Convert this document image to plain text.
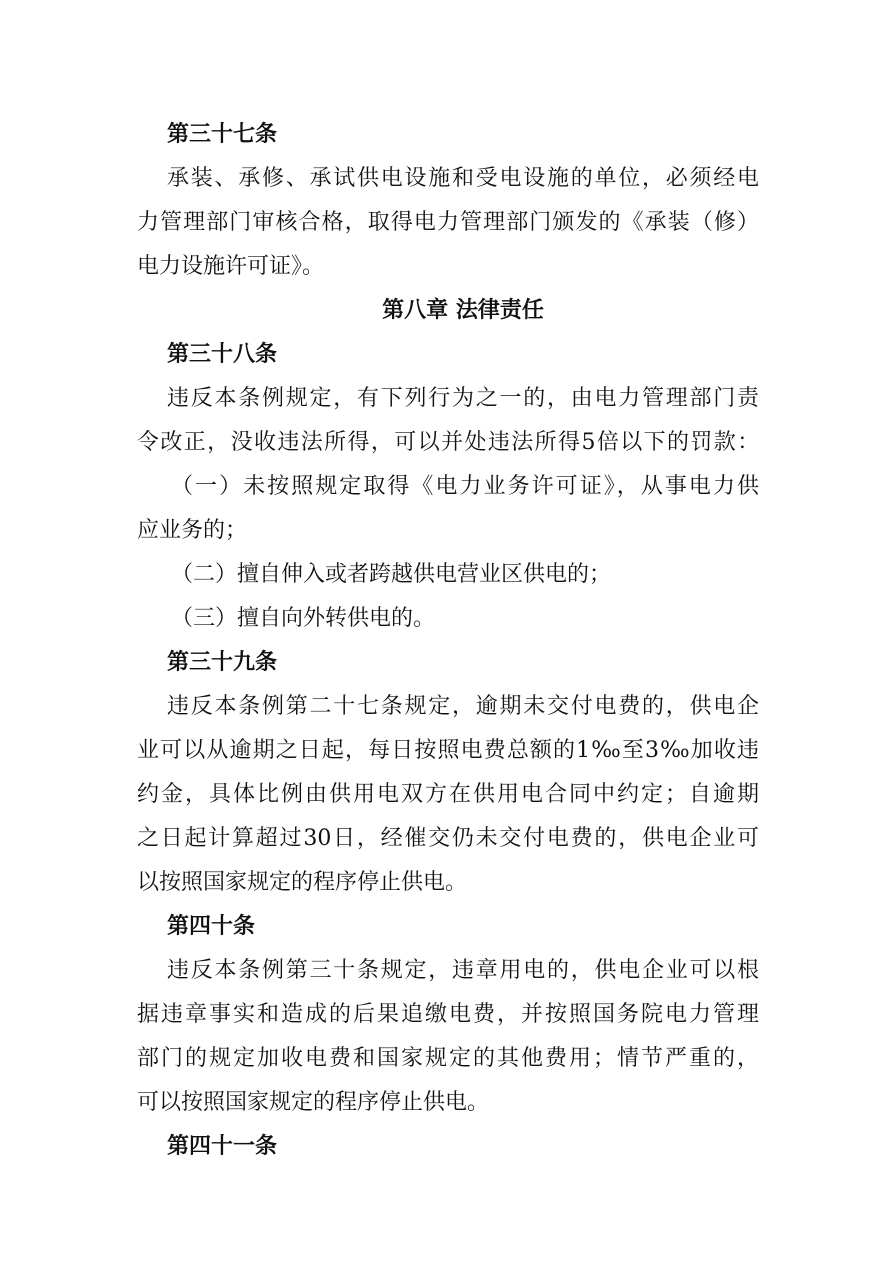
第三十七条
承装、承修、承试供电设施和受电设施的单位，必须经电
力管理部门审核合格，取得电力管理部门颁发的《承装（修）
电力设施许可证》。
第八章 法律责任
第三十八条
违反本条例规定，有下列行为之一的，由电力管理部门责
令改正，没收违法所得，可以并处违法所得5倍以下的罚款：
（一）未按照规定取得《电力业务许可证》，从事电力供
应业务的；
（二）擅自伸入或者跨越供电营业区供电的；
（三）擅自向外转供电的。
第三十九条
违反本条例第二十七条规定，逾期未交付电费的，供电企
业可以从逾期之日起，每日按照电费总额的1‰至3‰加收违
约金，具体比例由供用电双方在供用电合同中约定；自逾期
之日起计算超过30日，经催交仍未交付电费的，供电企业可
以按照国家规定的程序停止供电。
第四十条
违反本条例第三十条规定，违章用电的，供电企业可以根
据违章事实和造成的后果追缴电费，并按照国务院电力管理
部门的规定加收电费和国家规定的其他费用；情节严重的，
可以按照国家规定的程序停止供电。
第四十一条
